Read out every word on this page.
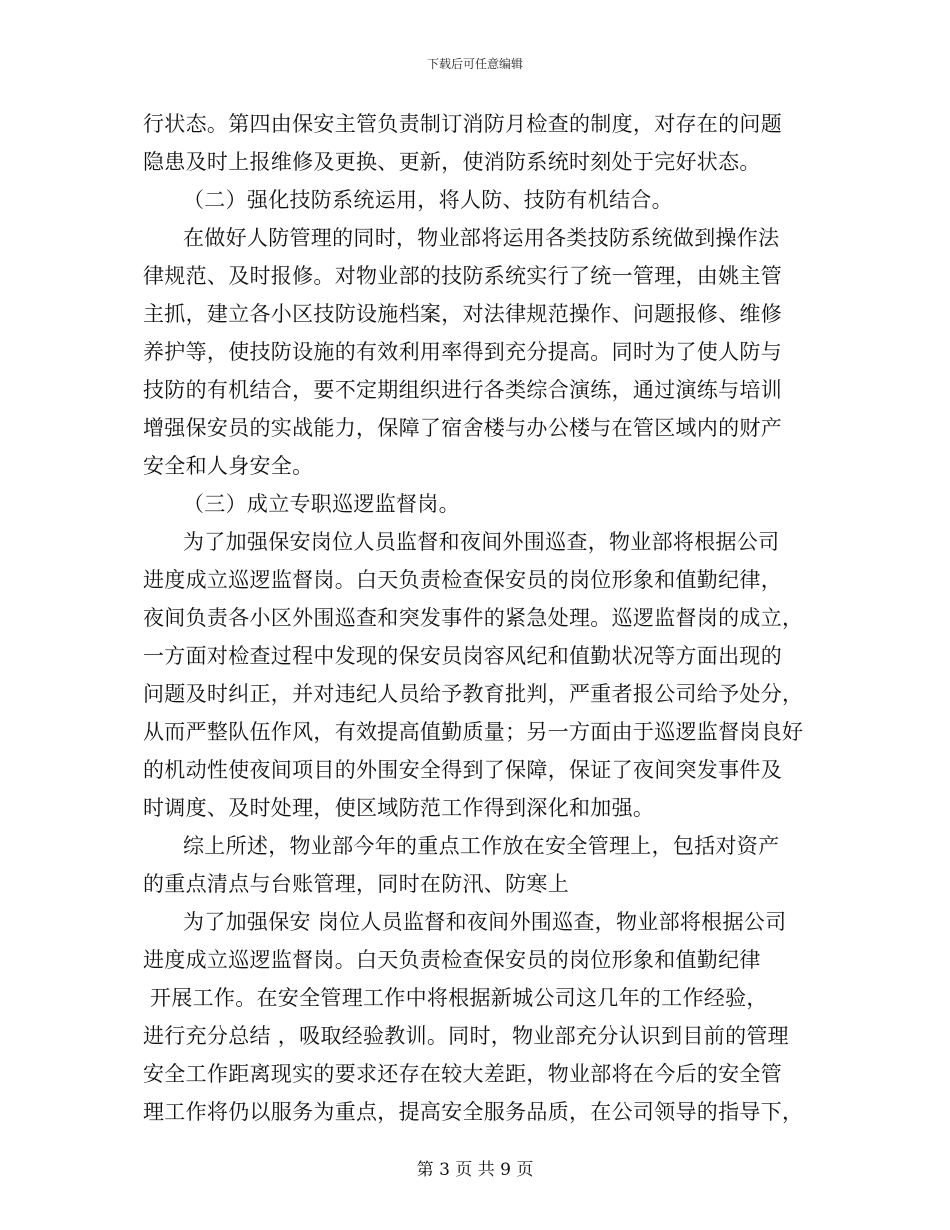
下载后可任意编辑
行状态。第四由保安主管负责制订消防月检查的制度，对存在的问题
隐患及时上报维修及更换、更新，使消防系统时刻处于完好状态。
（二）强化技防系统运用，将人防、技防有机结合。
在做好人防管理的同时，物业部将运用各类技防系统做到操作法
律规范、及时报修。对物业部的技防系统实行了统一管理，由姚主管
主抓，建立各小区技防设施档案，对法律规范操作、问题报修、维修
养护等，使技防设施的有效利用率得到充分提高。同时为了使人防与
技防的有机结合，要不定期组织进行各类综合演练，通过演练与培训
增强保安员的实战能力，保障了宿舍楼与办公楼与在管区域内的财产
安全和人身安全。
（三）成立专职巡逻监督岗。
为了加强保安岗位人员监督和夜间外围巡查，物业部将根据公司
进度成立巡逻监督岗。白天负责检查保安员的岗位形象和值勤纪律，
夜间负责各小区外围巡查和突发事件的紧急处理。巡逻监督岗的成立，
一方面对检查过程中发现的保安员岗容风纪和值勤状况等方面出现的
问题及时纠正，并对违纪人员给予教育批判，严重者报公司给予处分，
从而严整队伍作风，有效提高值勤质量；另一方面由于巡逻监督岗良好
的机动性使夜间项目的外围安全得到了保障，保证了夜间突发事件及
时调度、及时处理，使区域防范工作得到深化和加强。
综上所述，物业部今年的重点工作放在安全管理上，包括对资产
的重点清点与台账管理，同时在防汛、防寒上
为了加强保安 岗位人员监督和夜间外围巡查，物业部将根据公司
进度成立巡逻监督岗。白天负责检查保安员的岗位形象和值勤纪律
开展工作。在安全管理工作中将根据新城公司这几年的工作经验，
进行充分总结 ，吸取经验教训。同时，物业部充分认识到目前的管理
安全工作距离现实的要求还存在较大差距，物业部将在今后的安全管
理工作将仍以服务为重点，提高安全服务品质，在公司领导的指导下，
第 3 页 共 9 页
